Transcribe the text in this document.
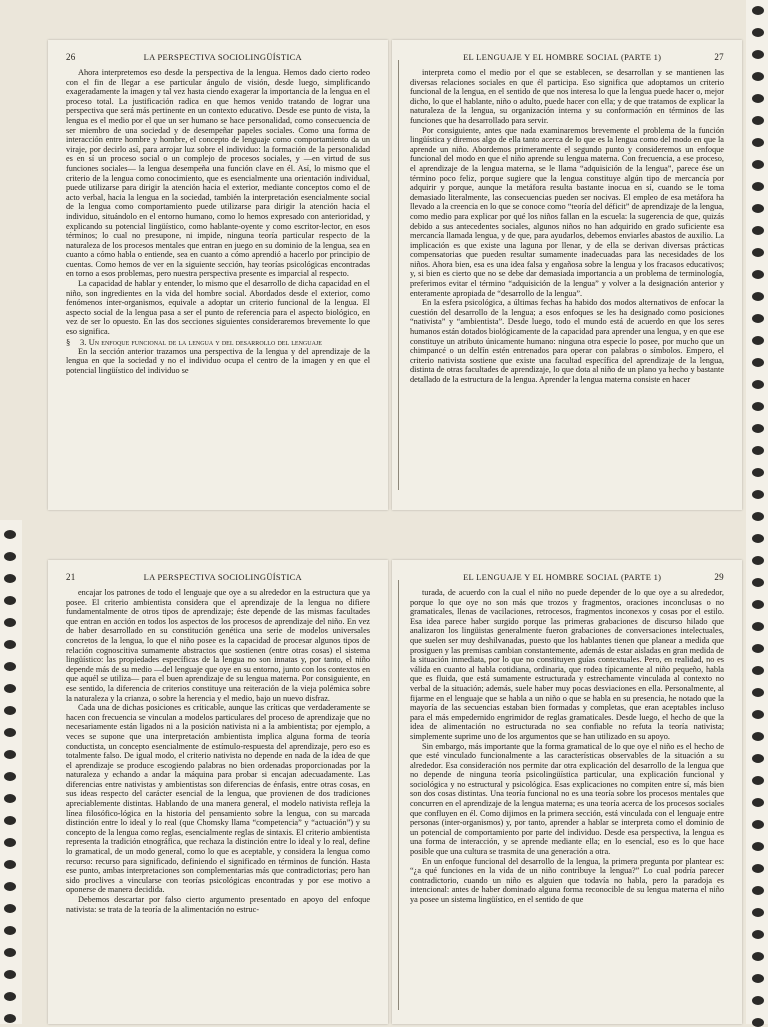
26	LA PERSPECTIVA SOCIOLINGÜÍSTICA

Ahora interpretemos eso desde la perspectiva de la lengua. Hemos dado cierto rodeo con el fin de llegar a ese particular ángulo de visión, desde luego, simplificando exageradamente la imagen y tal vez hasta ciendo exagerar la importancia de la lengua en el proceso total. La justificación radica en que hemos venido tratando de lograr una perspectiva que será más pertinente en un contexto educativo. Desde ese punto de vista, la lengua es el medio por el que un ser humano se hace personalidad, como consecuencia de ser miembro de una sociedad y de desempeñar papeles sociales. Como una forma de interacción entre hombre y hombre, el concepto de lenguaje como comportamiento da un viraje, por decirlo así, para arrojar luz sobre el individuo: la formación de la personalidad es en sí un proceso social o un complejo de procesos sociales, y —en virtud de sus funciones sociales— la lengua desempeña una función clave en él. Así, lo mismo que el criterio de la lengua como conocimiento, que es esencialmente una orientación individual, puede utilizarse para dirigir la atención hacia el exterior, mediante conceptos como el de acto verbal, hacia la lengua en la sociedad, también la interpretación esencialmente social de la lengua como comportamiento puede utilizarse para dirigir la atención hacia el individuo, situándolo en el entorno humano, como lo hemos expresado con anterioridad, y explicando su potencial lingüístico, como hablante-oyente y como escritor-lector, en esos términos; lo cual no presupone, ni impide, ninguna teoría particular respecto de la naturaleza de los procesos mentales que entran en juego en su dominio de la lengua, sea en cuanto a cómo habla o entiende, sea en cuanto a cómo aprendió a hacerlo por principio de cuentas. Como hemos de ver en la siguiente sección, hay teorías psicológicas encontradas en torno a esos problemas, pero nuestra perspectiva presente es imparcial al respecto.

La capacidad de hablar y entender, lo mismo que el desarrollo de dicha capacidad en el niño, son ingredientes en la vida del hombre social. Abordados desde el exterior, como fenómenos inter-organismos, equivale a adoptar un criterio funcional de la lengua. El aspecto social de la lengua pasa a ser el punto de referencia para el aspecto biológico, en vez de ser lo opuesto. En las dos secciones siguientes consideraremos brevemente lo que eso significa.

§ 3. Un enfoque funcional de la lengua y del desarrollo del lenguaje

En la sección anterior trazamos una perspectiva de la lengua y del aprendizaje de la lengua en que la sociedad y no el individuo ocupa el centro de la imagen y en que el potencial lingüístico del individuo se

EL LENGUAJE Y EL HOMBRE SOCIAL (PARTE 1)	27

interpreta como el medio por el que se establecen, se desarrollan y se mantienen las diversas relaciones sociales en que él participa. Eso significa que adoptamos un criterio funcional de la lengua, en el sentido de que nos interesa lo que la lengua puede hacer o, mejor dicho, lo que el hablante, niño o adulto, puede hacer con ella; y de que tratamos de explicar la naturaleza de la lengua, su organización interna y su conformación en términos de las funciones que ha desarrollado para servir.

Por consiguiente, antes que nada examinaremos brevemente el problema de la función lingüística y diremos algo de ella tanto acerca de lo que es la lengua como del modo en que la aprende un niño. Abordemos primeramente el segundo punto y consideremos un enfoque funcional del modo en que el niño aprende su lengua materna. Con frecuencia, a ese proceso, el aprendizaje de la lengua materna, se le llama “adquisición de la lengua”, parece ése un término poco feliz, porque sugiere que la lengua constituye algún tipo de mercancía por adquirir y porque, aunque la metáfora resulta bastante inocua en sí, cuando se le toma demasiado literalmente, las consecuencias pueden ser nocivas. El empleo de esa metáfora ha llevado a la creencia en lo que se conoce como “teoría del déficit” de aprendizaje de la lengua, como medio para explicar por qué los niños fallan en la escuela: la sugerencia de que, quizás debido a sus antecedentes sociales, algunos niños no han adquirido en grado suficiente esa mercancía llamada lengua, y de que, para ayudarlos, debemos enviarles abastos de auxilio. La implicación es que existe una laguna por llenar, y de ella se derivan diversas prácticas compensatorias que pueden resultar sumamente inadecuadas para las necesidades de los niños. Ahora bien, esa es una idea falsa y engañosa sobre la lengua y los fracasos educativos; y, si bien es cierto que no se debe dar demasiada importancia a un problema de terminología, preferimos evitar el término “adquisición de la lengua” y volver a la designación anterior y enteramente apropiada de “desarrollo de la lengua”.

En la esfera psicológica, a últimas fechas ha habido dos modos alternativos de enfocar la cuestión del desarrollo de la lengua; a esos enfoques se les ha designado como posiciones “nativista” y “ambientista”. Desde luego, todo el mundo está de acuerdo en que los seres humanos están dotados biológicamente de la capacidad para aprender una lengua, y en que ese constituye un atributo únicamente humano: ninguna otra especie lo posee, por mucho que un chimpancé o un delfín estén entrenados para operar con palabras o símbolos. Empero, el criterio nativista sostiene que existe una facultad específica del aprendizaje de la lengua, distinta de otras facultades de aprendizaje, lo que dota al niño de un plano ya hecho y bastante detallado de la estructura de la lengua. Aprender la lengua materna consiste en hacer

21	LA PERSPECTIVA SOCIOLINGÜÍSTICA

encajar los patrones de todo el lenguaje que oye a su alrededor en la estructura que ya posee. El criterio ambientista considera que el aprendizaje de la lengua no difiere fundamentalmente de otros tipos de aprendizaje; éste depende de las mismas facultades que entran en acción en todos los aspectos de los procesos de aprendizaje del niño. En vez de haber desarrollado en su constitución genética una serie de modelos universales concretos de la lengua, lo que el niño posee es la capacidad de procesar algunos tipos de relación cognoscitiva sumamente abstractos que sostienen (entre otras cosas) el sistema lingüístico: las propiedades específicas de la lengua no son innatas y, por tanto, el niño depende más de su medio —del lenguaje que oye en su entorno, junto con los contextos en que aquél se utiliza— para el buen aprendizaje de su lengua materna. Por consiguiente, en ese sentido, la diferencia de criterios constituye una reiteración de la vieja polémica sobre la naturaleza y la crianza, o sobre la herencia y el medio, bajo un nuevo disfraz.

Cada una de dichas posiciones es criticable, aunque las críticas que verdaderamente se hacen con frecuencia se vinculan a modelos particulares del proceso de aprendizaje que no necesariamente están ligados ni a la posición nativista ni a la ambientista; por ejemplo, a veces se supone que una interpretación ambientista implica alguna forma de teoría conductista, un concepto esencialmente de estímulo-respuesta del aprendizaje, pero eso es totalmente falso. De igual modo, el criterio nativista no depende en nada de la idea de que el aprendizaje se produce escogiendo palabras no bien ordenadas proporcionadas por la naturaleza y echando a andar la máquina para probar si encajan adecuadamente. Las diferencias entre nativistas y ambientistas son diferencias de énfasis, entre otras cosas, en sus ideas respecto del carácter esencial de la lengua, que provienen de dos tradiciones apreciablemente distintas. Hablando de una manera general, el modelo nativista refleja la línea filosófico-lógica en la historia del pensamiento sobre la lengua, con su marcada distinción entre lo ideal y lo real (que Chomsky llama “competencia” y “actuación”) y su concepto de la lengua como reglas, esencialmente reglas de sintaxis. El criterio ambientista representa la tradición etnográfica, que rechaza la distinción entre lo ideal y lo real, define lo gramatical, de un modo general, como lo que es aceptable, y considera la lengua como recurso: recurso para significado, definiendo el significado en términos de función. Hasta ese punto, ambas interpretaciones son complementarias más que contradictorias; pero han sido proclives a vincularse con teorías psicológicas encontradas y por ese motivo a oponerse de manera decidida.

Debemos descartar por falso cierto argumento presentado en apoyo del enfoque nativista: se trata de la teoría de la alimentación no estruc-

EL LENGUAJE Y EL HOMBRE SOCIAL (PARTE 1)	29

turada, de acuerdo con la cual el niño no puede depender de lo que oye a su alrededor, porque lo que oye no son más que trozos y fragmentos, oraciones inconclusas o no gramaticales, llenas de vacilaciones, retrocesos, fragmentos inconexos y cosas por el estilo. Esa idea parece haber surgido porque las primeras grabaciones de discurso hilado que analizaron los lingüistas generalmente fueron grabaciones de conversaciones intelectuales, que suelen ser muy deshilvanadas, puesto que los hablantes tienen que planear a medida que prosiguen y las premisas cambian constantemente, además de estar aisladas en gran medida de la situación inmediata, por lo que no constituyen guías contextuales. Pero, en realidad, no es válida en cuanto al habla cotidiana, ordinaria, que rodea típicamente al niño pequeño, habla que es fluida, que está sumamente estructurada y estrechamente vinculada al contexto no verbal de la situación; además, suele haber muy pocas desviaciones en ella. Personalmente, al fijarme en el lenguaje que se habla a un niño o que se habla en su presencia, he notado que la mayoría de las secuencias estaban bien formadas y completas, que eran aceptables incluso para el más empedernido engrimidor de reglas gramaticales. Desde luego, el hecho de que la idea de alimentación no estructurada no sea confiable no refuta la teoría nativista; simplemente suprime uno de los argumentos que se han utilizado en su apoyo.

Sin embargo, más importante que la forma gramatical de lo que oye el niño es el hecho de que esté vinculado funcionalmente a las características observables de la situación a su alrededor. Esa consideración nos permite dar otra explicación del desarrollo de la lengua que no depende de ninguna teoría psicolingüística particular, una explicación funcional y sociológica y no estructural y psicológica. Esas explicaciones no compiten entre sí, más bien son dos cosas distintas. Una teoría funcional no es una teoría sobre los procesos mentales que concurren en el aprendizaje de la lengua materna; es una teoría acerca de los procesos sociales que confluyen en él. Como dijimos en la primera sección, está vinculada con el lenguaje entre personas (inter-organismos) y, por tanto, aprender a hablar se interpreta como el dominio de un potencial de comportamiento por parte del individuo. Desde esa perspectiva, la lengua es una forma de interacción, y se aprende mediante ella; en lo esencial, eso es lo que hace posible que una cultura se trasmita de una generación a otra.

En un enfoque funcional del desarrollo de la lengua, la primera pregunta por plantear es: “¿a qué funciones en la vida de un niño contribuye la lengua?” Lo cual podría parecer contradictorio, cuando un niño es alguien que todavía no habla, pero la paradoja es intencional: antes de haber dominado alguna forma reconocible de su lengua materna el niño ya posee un sistema lingüístico, en el sentido de que
